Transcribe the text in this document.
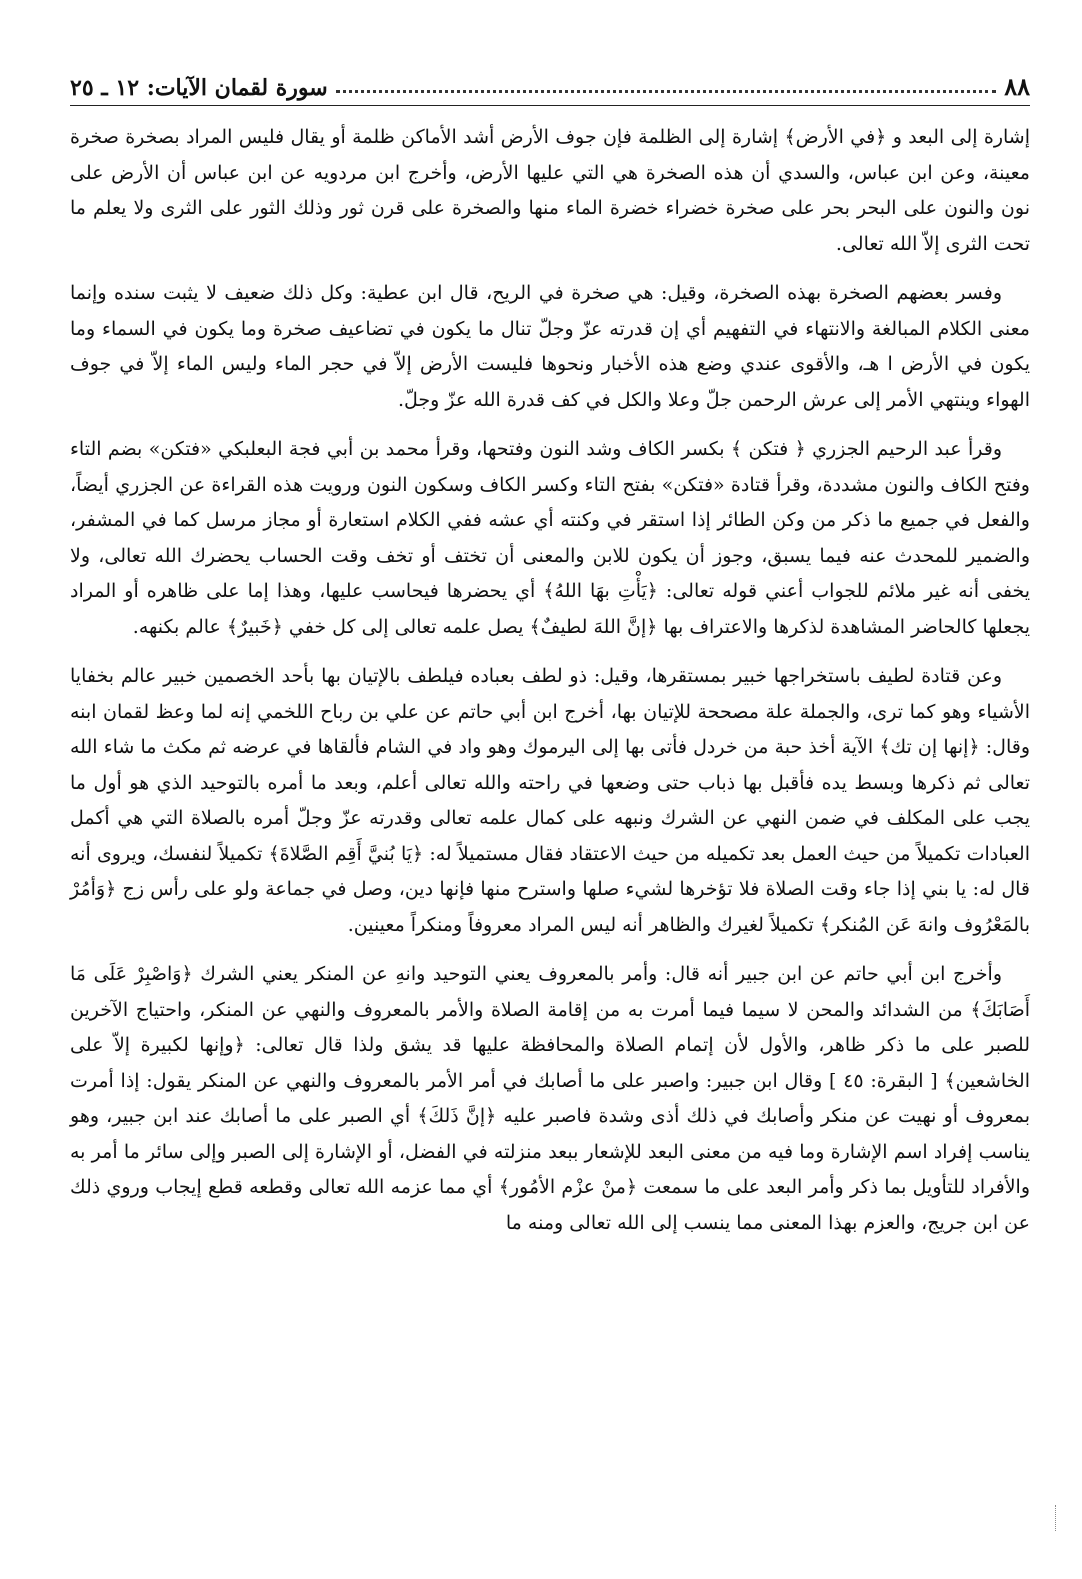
٨٨
سورة لقمان الآيات: ١٢ ـ ٢٥

إشارة إلى البعد و ﴿في الأرض﴾ إشارة إلى الظلمة فإن جوف الأرض أشد الأماكن ظلمة أو يقال فليس المراد بصخرة صخرة معينة، وعن ابن عباس، والسدي أن هذه الصخرة هي التي عليها الأرض، وأخرج ابن مردويه عن ابن عباس أن الأرض على نون والنون على البحر بحر على صخرة خضراء خضرة الماء منها والصخرة على قرن ثور وذلك الثور على الثرى ولا يعلم ما تحت الثرى إلاّ الله تعالى.

وفسر بعضهم الصخرة بهذه الصخرة، وقيل: هي صخرة في الريح، قال ابن عطية: وكل ذلك ضعيف لا يثبت سنده وإنما معنى الكلام المبالغة والانتهاء في التفهيم أي إن قدرته عزّ وجلّ تنال ما يكون في تضاعيف صخرة وما يكون في السماء وما يكون في الأرض ا هـ، والأقوى عندي وضع هذه الأخبار ونحوها فليست الأرض إلاّ في حجر الماء وليس الماء إلاّ في جوف الهواء وينتهي الأمر إلى عرش الرحمن جلّ وعلا والكل في كف قدرة الله عزّ وجلّ.

وقرأ عبد الرحيم الجزري ﴿ فتكن ﴾ بكسر الكاف وشد النون وفتحها، وقرأ محمد بن أبي فجة البعلبكي «فتكن» بضم التاء وفتح الكاف والنون مشددة، وقرأ قتادة «فتكن» بفتح التاء وكسر الكاف وسكون النون ورويت هذه القراءة عن الجزري أيضاً، والفعل في جميع ما ذكر من وكن الطائر إذا استقر في وكنته أي عشه ففي الكلام استعارة أو مجاز مرسل كما في المشفر، والضمير للمحدث عنه فيما يسبق، وجوز أن يكون للابن والمعنى أن تختف أو تخف وقت الحساب يحضرك الله تعالى، ولا يخفى أنه غير ملائم للجواب أعني قوله تعالى: ﴿يَأْتِ بهَا اللهُ﴾ أي يحضرها فيحاسب عليها، وهذا إما على ظاهره أو المراد يجعلها كالحاضر المشاهدة لذكرها والاعتراف بها ﴿إنَّ اللهَ لطيفٌ﴾ يصل علمه تعالى إلى كل خفي ﴿خَبيرٌ﴾ عالم بكنهه.

وعن قتادة لطيف باستخراجها خبير بمستقرها، وقيل: ذو لطف بعباده فيلطف بالإتيان بها بأحد الخصمين خبير عالم بخفايا الأشياء وهو كما ترى، والجملة علة مصححة للإتيان بها، أخرج ابن أبي حاتم عن علي بن رباح اللخمي إنه لما وعظ لقمان ابنه وقال: ﴿إنها إن تك﴾ الآية أخذ حبة من خردل فأتى بها إلى اليرموك وهو واد في الشام فألقاها في عرضه ثم مكث ما شاء الله تعالى ثم ذكرها وبسط يده فأقبل بها ذباب حتى وضعها في راحته والله تعالى أعلم، وبعد ما أمره بالتوحيد الذي هو أول ما يجب على المكلف في ضمن النهي عن الشرك ونبهه على كمال علمه تعالى وقدرته عزّ وجلّ أمره بالصلاة التي هي أكمل العبادات تكميلاً من حيث العمل بعد تكميله من حيث الاعتقاد فقال مستميلاً له: ﴿يَا بُنيَّ أَقِم الصَّلاةَ﴾ تكميلاً لنفسك، ويروى أنه قال له: يا بني إذا جاء وقت الصلاة فلا تؤخرها لشيء صلها واسترح منها فإنها دين، وصل في جماعة ولو على رأس زج ﴿وَأمُرْ بالمَعْرُوف وانهَ عَن المُنكر﴾ تكميلاً لغيرك والظاهر أنه ليس المراد معروفاً ومنكراً معينين.

وأخرج ابن أبي حاتم عن ابن جبير أنه قال: وأمر بالمعروف يعني التوحيد وانهِ عن المنكر يعني الشرك ﴿وَاصْبِرْ عَلَى مَا أَصَابَكَ﴾ من الشدائد والمحن لا سيما فيما أمرت به من إقامة الصلاة والأمر بالمعروف والنهي عن المنكر، واحتياج الآخرين للصبر على ما ذكر ظاهر، والأول لأن إتمام الصلاة والمحافظة عليها قد يشق ولذا قال تعالى: ﴿وإنها لكبيرة إلاّ على الخاشعين﴾ [ البقرة: ٤٥ ] وقال ابن جبير: واصبر على ما أصابك في أمر الأمر بالمعروف والنهي عن المنكر يقول: إذا أمرت بمعروف أو نهيت عن منكر وأصابك في ذلك أذى وشدة فاصبر عليه ﴿إنَّ ذَلكَ﴾ أي الصبر على ما أصابك عند ابن جبير، وهو يناسب إفراد اسم الإشارة وما فيه من معنى البعد للإشعار ببعد منزلته في الفضل، أو الإشارة إلى الصبر وإلى سائر ما أمر به والأفراد للتأويل بما ذكر وأمر البعد على ما سمعت ﴿منْ عزْم الأمُور﴾ أي مما عزمه الله تعالى وقطعه قطع إيجاب وروي ذلك عن ابن جريج، والعزم بهذا المعنى مما ينسب إلى الله تعالى ومنه ما
